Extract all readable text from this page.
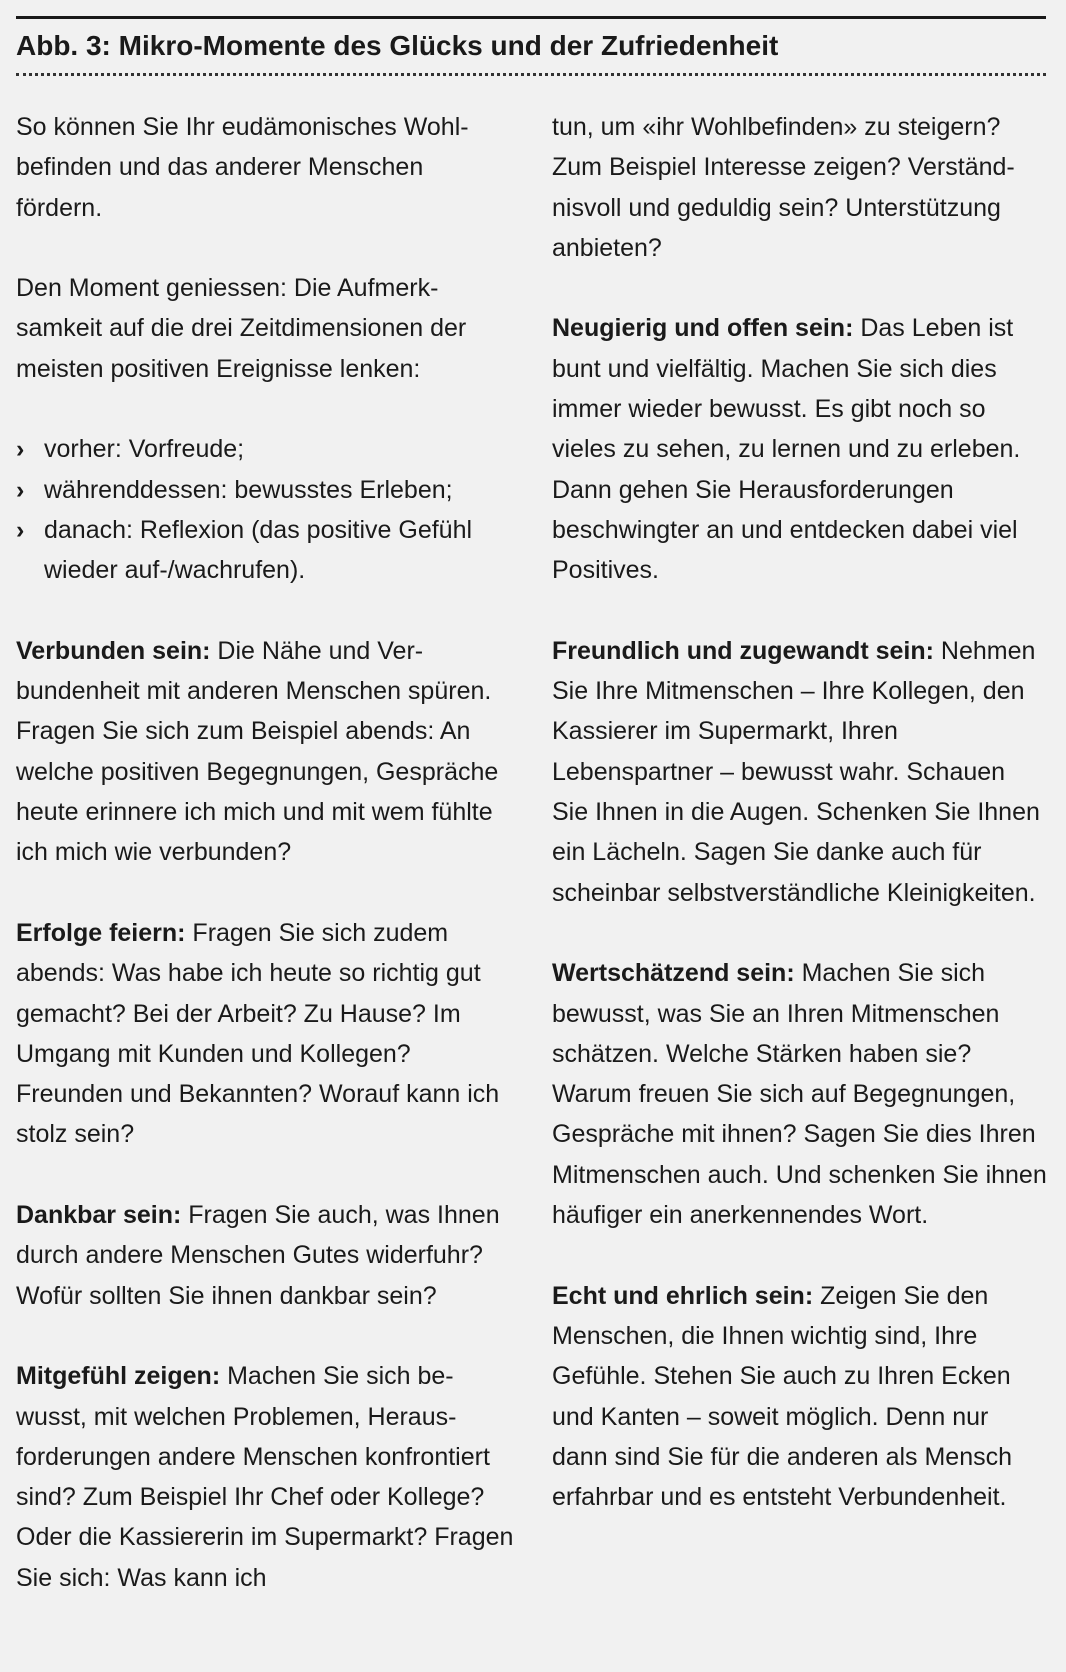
Abb. 3: Mikro-Momente des Glücks und der Zufriedenheit

So können Sie Ihr eudämonisches Wohlbefinden und das anderer Menschen fördern.

Den Moment geniessen: Die Aufmerksamkeit auf die drei Zeitdimensionen der meisten positiven Ereignisse lenken:

› vorher: Vorfreude;
› währenddessen: bewusstes Erleben;
› danach: Reflexion (das positive Gefühl wieder auf-/wachrufen).

Verbunden sein: Die Nähe und Verbundenheit mit anderen Menschen spüren. Fragen Sie sich zum Beispiel abends: An welche positiven Begegnungen, Gespräche heute erinnere ich mich und mit wem fühlte ich mich wie verbunden?

Erfolge feiern: Fragen Sie sich zudem abends: Was habe ich heute so richtig gut gemacht? Bei der Arbeit? Zu Hause? Im Umgang mit Kunden und Kollegen? Freunden und Bekannten? Worauf kann ich stolz sein?

Dankbar sein: Fragen Sie auch, was Ihnen durch andere Menschen Gutes widerfuhr? Wofür sollten Sie ihnen dankbar sein?

Mitgefühl zeigen: Machen Sie sich bewusst, mit welchen Problemen, Herausforderungen andere Menschen konfrontiert sind? Zum Beispiel Ihr Chef oder Kollege? Oder die Kassiererin im Supermarkt? Fragen Sie sich: Was kann ich

tun, um «ihr Wohlbefinden» zu steigern? Zum Beispiel Interesse zeigen? Verständnisvoll und geduldig sein? Unterstützung anbieten?

Neugierig und offen sein: Das Leben ist bunt und vielfältig. Machen Sie sich dies immer wieder bewusst. Es gibt noch so vieles zu sehen, zu lernen und zu erleben. Dann gehen Sie Herausforderungen beschwingter an und entdecken dabei viel Positives.

Freundlich und zugewandt sein: Nehmen Sie Ihre Mitmenschen – Ihre Kollegen, den Kassierer im Supermarkt, Ihren Lebenspartner – bewusst wahr. Schauen Sie Ihnen in die Augen. Schenken Sie Ihnen ein Lächeln. Sagen Sie danke auch für scheinbar selbstverständliche Kleinigkeiten.

Wertschätzend sein: Machen Sie sich bewusst, was Sie an Ihren Mitmenschen schätzen. Welche Stärken haben sie? Warum freuen Sie sich auf Begegnungen, Gespräche mit ihnen? Sagen Sie dies Ihren Mitmenschen auch. Und schenken Sie ihnen häufiger ein anerkennendes Wort.

Echt und ehrlich sein: Zeigen Sie den Menschen, die Ihnen wichtig sind, Ihre Gefühle. Stehen Sie auch zu Ihren Ecken und Kanten – soweit möglich. Denn nur dann sind Sie für die anderen als Mensch erfahrbar und es entsteht Verbundenheit.
